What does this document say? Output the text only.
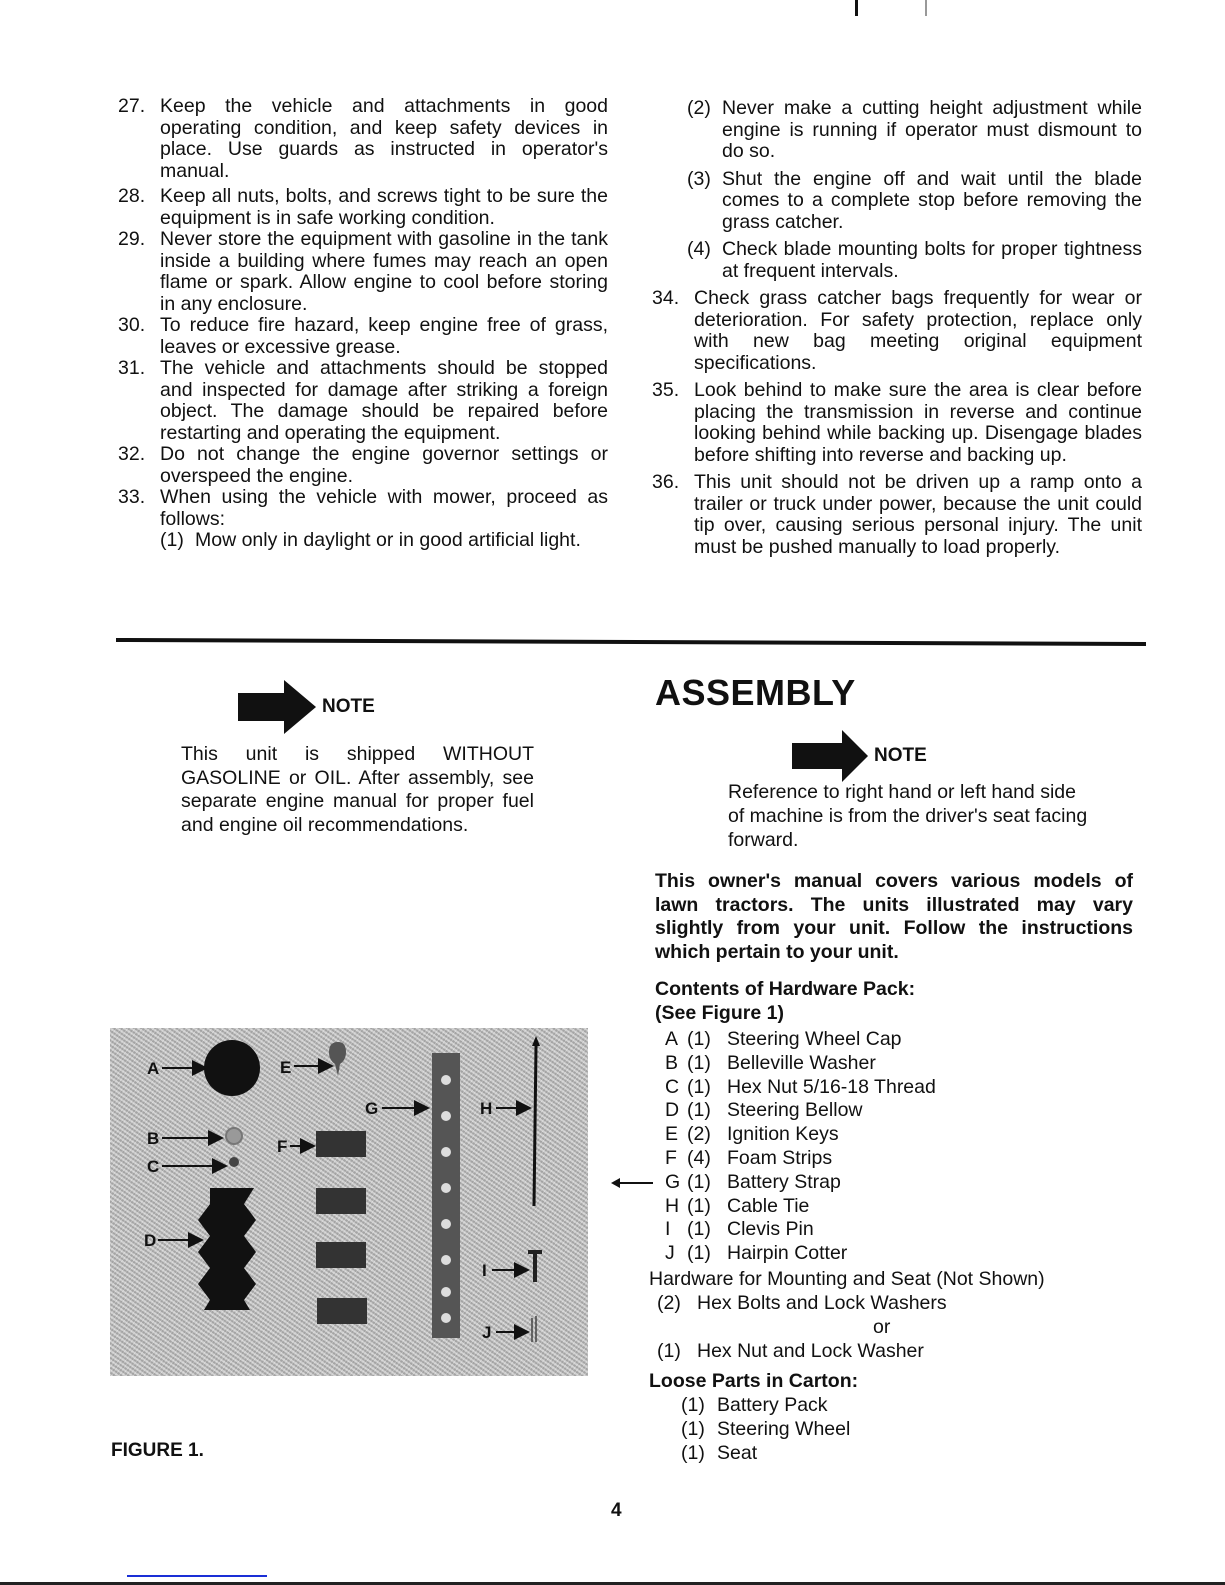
27. Keep the vehicle and attachments in good operating condition, and keep safety devices in place. Use guards as instructed in operator's manual.
28. Keep all nuts, bolts, and screws tight to be sure the equipment is in safe working condition.
29. Never store the equipment with gasoline in the tank inside a building where fumes may reach an open flame or spark. Allow engine to cool before storing in any enclosure.
30. To reduce fire hazard, keep engine free of grass, leaves or excessive grease.
31. The vehicle and attachments should be stopped and inspected for damage after striking a foreign object. The damage should be repaired before restarting and operating the equipment.
32. Do not change the engine governor settings or overspeed the engine.
33. When using the vehicle with mower, proceed as follows:
(1) Mow only in daylight or in good artificial light.
(2) Never make a cutting height adjustment while engine is running if operator must dismount to do so.
(3) Shut the engine off and wait until the blade comes to a complete stop before removing the grass catcher.
(4) Check blade mounting bolts for proper tightness at frequent intervals.
34. Check grass catcher bags frequently for wear or deterioration. For safety protection, replace only with new bag meeting original equipment specifications.
35. Look behind to make sure the area is clear before placing the transmission in reverse and continue looking behind while backing up. Disengage blades before shifting into reverse and backing up.
36. This unit should not be driven up a ramp onto a trailer or truck under power, because the unit could tip over, causing serious personal injury. The unit must be pushed manually to load properly.
NOTE
This unit is shipped WITHOUT GASOLINE or OIL. After assembly, see separate engine manual for proper fuel and engine oil recommendations.
ASSEMBLY
NOTE
Reference to right hand or left hand side of machine is from the driver's seat facing forward.
This owner's manual covers various models of lawn tractors. The units illustrated may vary slightly from your unit. Follow the instructions which pertain to your unit.
Contents of Hardware Pack:
(See Figure 1)
A (1) Steering Wheel Cap
B (1) Belleville Washer
C (1) Hex Nut 5/16-18 Thread
D (1) Steering Bellow
E (2) Ignition Keys
F (4) Foam Strips
G (1) Battery Strap
H (1) Cable Tie
I (1) Clevis Pin
J (1) Hairpin Cotter
Hardware for Mounting and Seat (Not Shown)
(2) Hex Bolts and Lock Washers
or
(1) Hex Nut and Lock Washer
Loose Parts in Carton:
(1) Battery Pack
(1) Steering Wheel
(1) Seat
A	E
B
C
D
F
G	H
I
J
FIGURE 1.
4
